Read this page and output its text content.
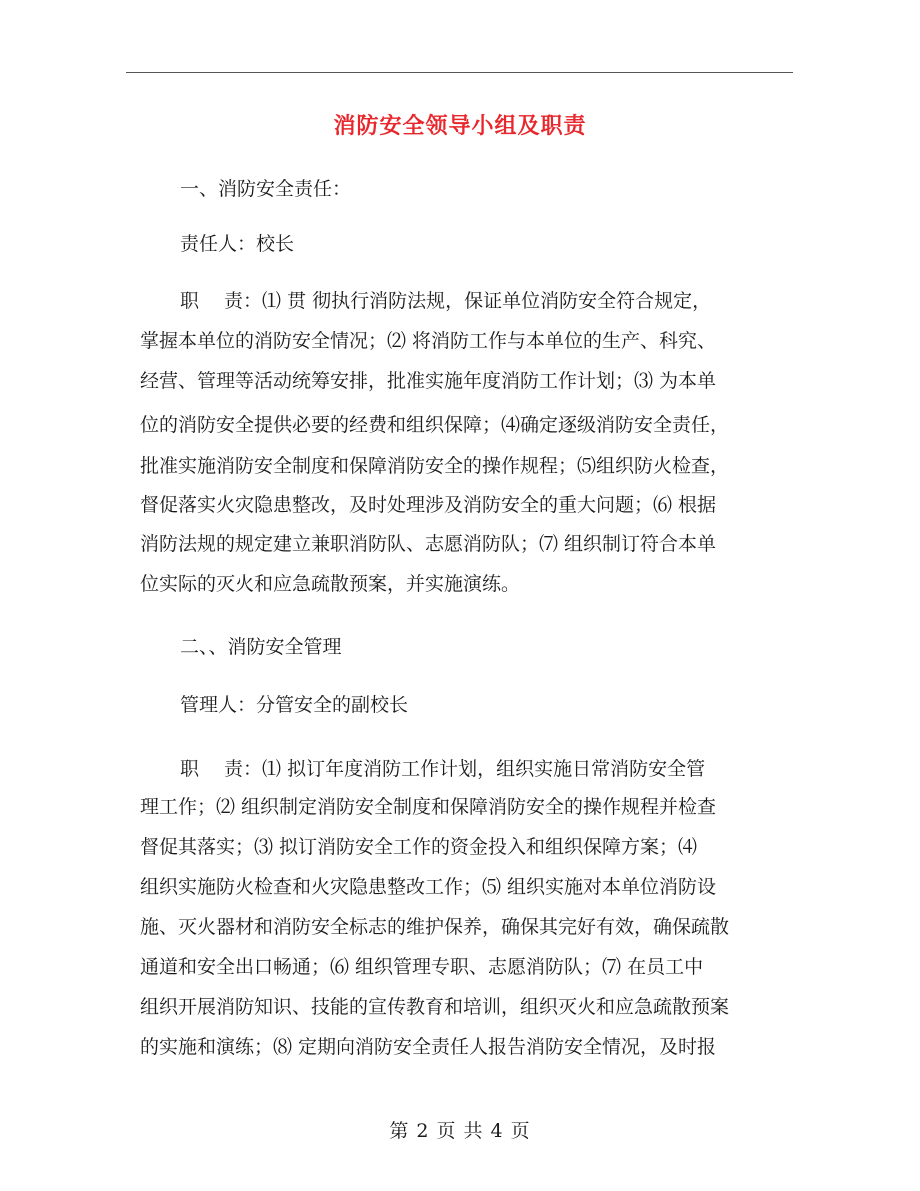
消防安全领导小组及职责
一、消防安全责任：
责任人：校长
职　 责：⑴ 贯 彻执行消防法规，保证单位消防安全符合规定，
掌握本单位的消防安全情况；⑵ 将消防工作与本单位的生产、科究、
经营、管理等活动统筹安排，批准实施年度消防工作计划；⑶ 为本单
位的消防安全提供必要的经费和组织保障；⑷确定逐级消防安全责任，
批准实施消防安全制度和保障消防安全的操作规程；⑸组织防火检查，
督促落实火灾隐患整改，及时处理涉及消防安全的重大问题；⑹ 根据
消防法规的规定建立兼职消防队、志愿消防队；⑺ 组织制订符合本单
位实际的灭火和应急疏散预案，并实施演练。
二、、消防安全管理
管理人：分管安全的副校长
职　 责：⑴ 拟订年度消防工作计划，组织实施日常消防安全管
理工作；⑵ 组织制定消防安全制度和保障消防安全的操作规程并检查
督促其落实；⑶ 拟订消防安全工作的资金投入和组织保障方案；⑷
组织实施防火检查和火灾隐患整改工作；⑸ 组织实施对本单位消防设
施、灭火器材和消防安全标志的维护保养，确保其完好有效，确保疏散
通道和安全出口畅通；⑹ 组织管理专职、志愿消防队；⑺ 在员工中
组织开展消防知识、技能的宣传教育和培训，组织灭火和应急疏散预案
的实施和演练；⑻ 定期向消防安全责任人报告消防安全情况，及时报
第 2 页 共 4 页
